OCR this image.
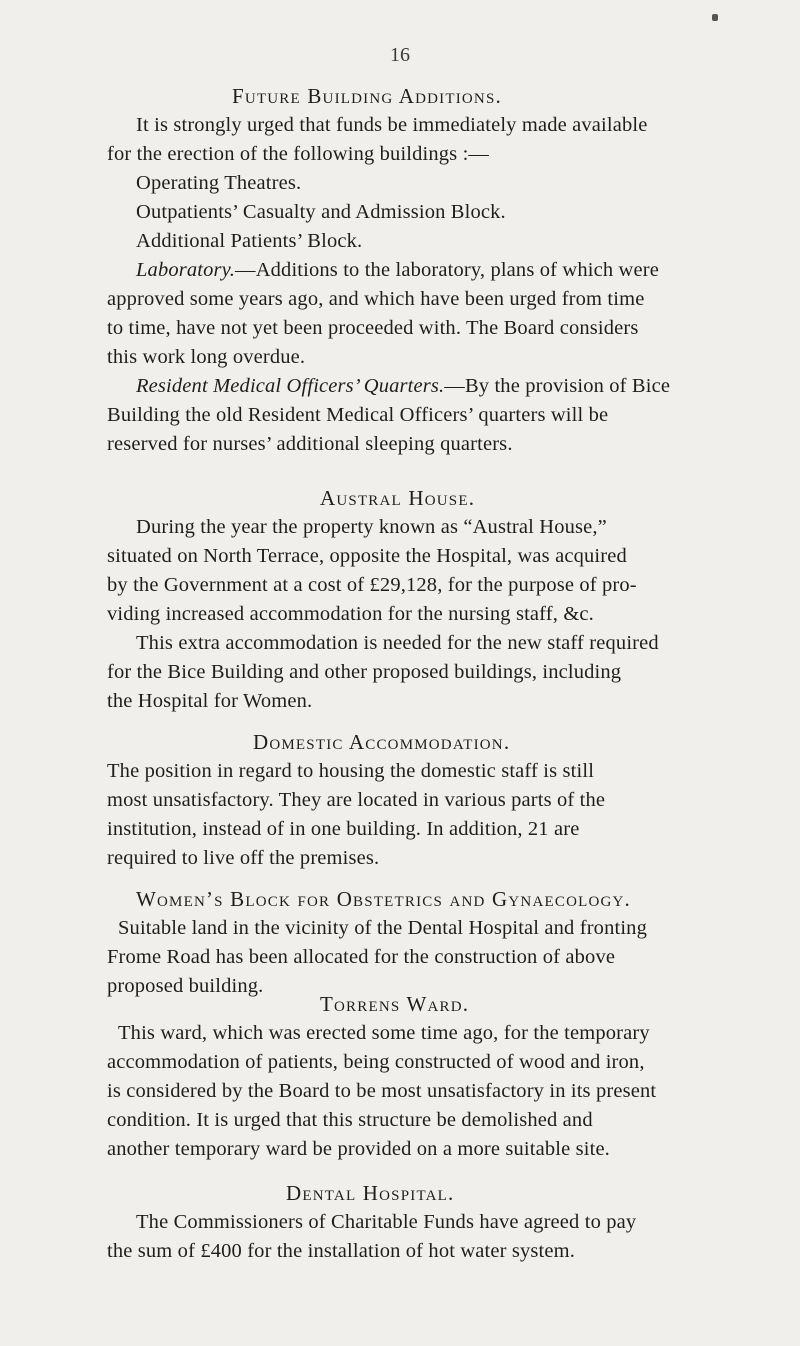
16
Future Building Additions.
It is strongly urged that funds be immediately made available
for the erection of the following buildings :—
Operating Theatres.
Outpatients’ Casualty and Admission Block.
Additional Patients’ Block.
Laboratory.—Additions to the laboratory, plans of which were
approved some years ago, and which have been urged from time
to time, have not yet been proceeded with. The Board considers
this work long overdue.
Resident Medical Officers’ Quarters.—By the provision of Bice
Building the old Resident Medical Officers’ quarters will be
reserved for nurses’ additional sleeping quarters.
Austral House.
During the year the property known as “Austral House,”
situated on North Terrace, opposite the Hospital, was acquired
by the Government at a cost of £29,128, for the purpose of pro-
viding increased accommodation for the nursing staff, &c.
This extra accommodation is needed for the new staff required
for the Bice Building and other proposed buildings, including
the Hospital for Women.
Domestic Accommodation.
The position in regard to housing the domestic staff is still
most unsatisfactory. They are located in various parts of the
institution, instead of in one building. In addition, 21 are
required to live off the premises.
Women’s Block for Obstetrics and Gynaecology.
Suitable land in the vicinity of the Dental Hospital and fronting
Frome Road has been allocated for the construction of above
proposed building.
Torrens Ward.
This ward, which was erected some time ago, for the temporary
accommodation of patients, being constructed of wood and iron,
is considered by the Board to be most unsatisfactory in its present
condition. It is urged that this structure be demolished and
another temporary ward be provided on a more suitable site.
Dental Hospital.
The Commissioners of Charitable Funds have agreed to pay
the sum of £400 for the installation of hot water system.
